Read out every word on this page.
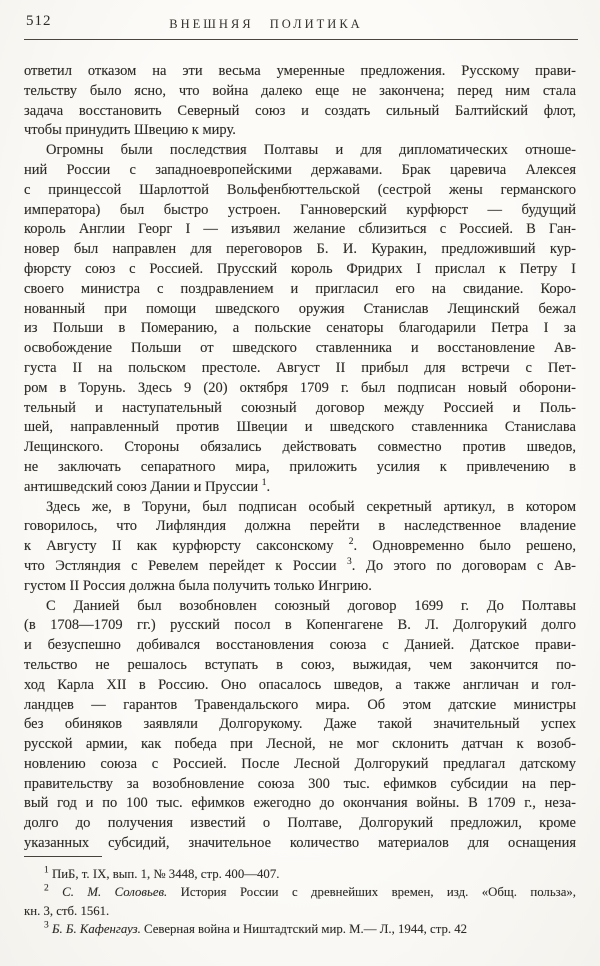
512	ВНЕШНЯЯ ПОЛИТИКА
ответил отказом на эти весьма умеренные предложения. Русскому прави-
тельству было ясно, что война далеко еще не закончена; перед ним стала
задача восстановить Северный союз и создать сильный Балтийский флот,
чтобы принудить Швецию к миру.
Огромны были последствия Полтавы и для дипломатических отноше-
ний России с западноевропейскими державами. Брак царевича Алексея
с принцессой Шарлоттой Вольфенбюттельской (сестрой жены германского
императора) был быстро устроен. Ганноверский курфюрст — будущий
король Англии Георг I — изъявил желание сблизиться с Россией. В Ган-
новер был направлен для переговоров Б. И. Куракин, предложивший кур-
фюрсту союз с Россией. Прусский король Фридрих I прислал к Петру I
своего министра с поздравлением и пригласил его на свидание. Коро-
нованный при помощи шведского оружия Станислав Лещинский бежал
из Польши в Померанию, а польские сенаторы благодарили Петра I за
освобождение Польши от шведского ставленника и восстановление Ав-
густа II на польском престоле. Август II прибыл для встречи с Пет-
ром в Торунь. Здесь 9 (20) октября 1709 г. был подписан новый оборони-
тельный и наступательный союзный договор между Россией и Поль-
шей, направленный против Швеции и шведского ставленника Станислава
Лещинского. Стороны обязались действовать совместно против шведов,
не заключать сепаратного мира, приложить усилия к привлечению в
антишведский союз Дании и Пруссии $^1$.
Здесь же, в Торуни, был подписан особый секретный артикул, в котором
говорилось, что Лифляндия должна перейти в наследственное владение
к Августу II как курфюрсту саксонскому $^2$. Одновременно было решено,
что Эстляндия с Ревелем перейдет к России $^3$. До этого по договорам с Ав-
густом II Россия должна была получить только Ингрию.
С Данией был возобновлен союзный договор 1699 г. До Полтавы
(в 1708—1709 гг.) русский посол в Копенгагене В. Л. Долгорукий долго
и безуспешно добивался восстановления союза с Данией. Датское прави-
тельство не решалось вступать в союз, выжидая, чем закончится по-
ход Карла XII в Россию. Оно опасалось шведов, а также англичан и гол-
ландцев — гарантов Травендальского мира. Об этом датские министры
без обиняков заявляли Долгорукому. Даже такой значительный успех
русской армии, как победа при Лесной, не мог склонить датчан к возоб-
новлению союза с Россией. После Лесной Долгорукий предлагал датскому
правительству за возобновление союза 300 тыс. ефимков субсидии на пер-
вый год и по 100 тыс. ефимков ежегодно до окончания войны. В 1709 г., неза-
долго до получения известий о Полтаве, Долгорукий предложил, кроме
указанных субсидий, значительное количество материалов для оснащения
$^1$ ПиБ, т. IX, вып. 1, № 3448, стр. 400—407.
$^2$ С. М. Соловьев. История России с древнейших времен, изд. «Общ. польза»,
кн. 3, стб. 1561.
$^3$ Б. Б. Кафенгауз. Северная война и Ништадтский мир. М.— Л., 1944, стр. 42
